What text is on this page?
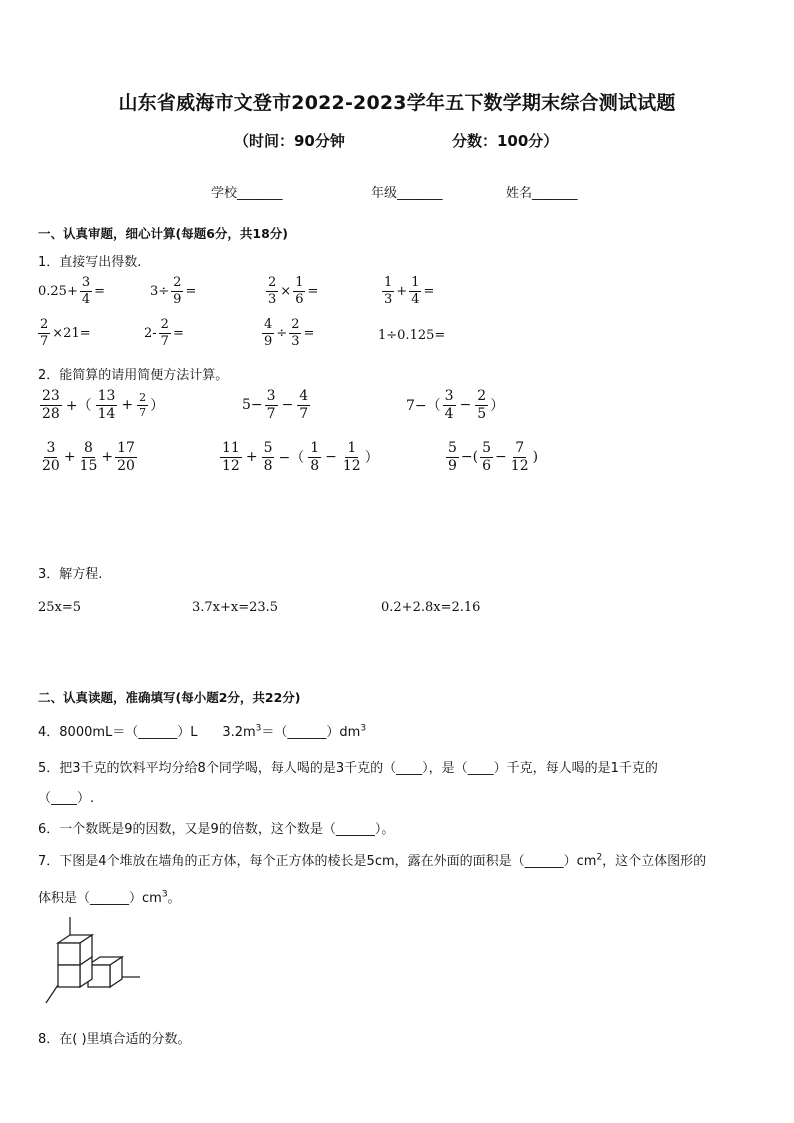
山东省威海市文登市2022-2023学年五下数学期末综合测试试题
（时间：90分钟	分数：100分）
学校_______	年级_______	姓名_______
一、认真审题，细心计算(每题6分，共18分)
1．直接写出得数.
$0.25+ \frac{3}{4}$ =	$3\div \frac{2}{9}$ =	$\frac{2}{3} \times \frac{1}{6}$ =	$\frac{1}{3} + \frac{1}{4}$ =
$\frac{2}{7} \times 21=$	$2- \frac{2}{7}$ =	$\frac{4}{9} \div \frac{2}{3}$ =	1÷0.125=
2．能简算的请用简便方法计算。
$\frac{23}{28}$ +（ $\frac{13}{14} + \frac{2}{7}$ ）	$5- \frac{3}{7} - \frac{4}{7}$	$7-( \frac{3}{4} - \frac{2}{5}$ ）
$\frac{3}{20} + \frac{8}{15} + \frac{17}{20}$	$\frac{11}{12} + \frac{5}{8}$ −（ $\frac{1}{8} - \frac{1}{12}$ ）	$\frac{5}{9}$ −( $\frac{5}{6} - \frac{7}{12}$ )
3．解方程.
25x=5	3.7x+x=23.5	0.2+2.8x=2.16
二、认真读题，准确填写(每小题2分，共22分)
4．8000mL＝（______）L $3.2m^3=(\_\_\_\_\_\_)dm^3$
5．把3千克的饮料平均分给8个同学喝，每人喝的是3千克的（____），是（____）千克，每人喝的是1千克的
（____）.
6．一个数既是9的因数，又是9的倍数，这个数是（______）。
7．下图是4个堆放在墙角的正方体，每个正方体的棱长是5cm，露在外面的面积是$(\_\_\_\_\_\_)cm^2$，这个立体图形的
体积是$(\_\_\_\_\_\_)cm^3$。
8．在( )里填合适的分数。
